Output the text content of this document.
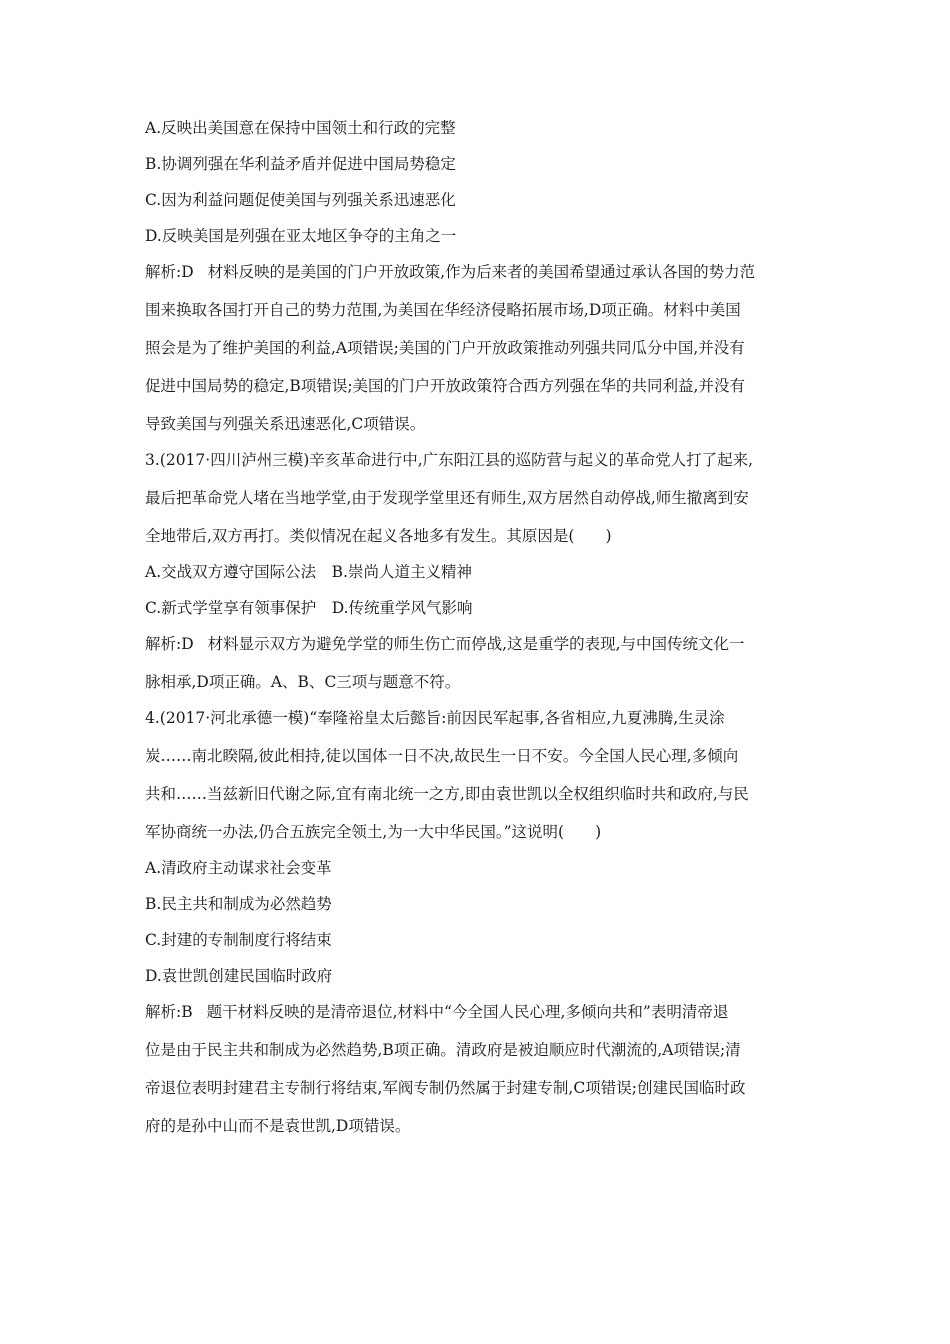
A.反映出美国意在保持中国领土和行政的完整

B.协调列强在华利益矛盾并促进中国局势稳定

C.因为利益问题促使美国与列强关系迅速恶化

D.反映美国是列强在亚太地区争夺的主角之一

解析:D 材料反映的是美国的门户开放政策,作为后来者的美国希望通过承认各国的势力范

围来换取各国打开自己的势力范围,为美国在华经济侵略拓展市场,D项正确。材料中美国

照会是为了维护美国的利益,A项错误;美国的门户开放政策推动列强共同瓜分中国,并没有

促进中国局势的稳定,B项错误;美国的门户开放政策符合西方列强在华的共同利益,并没有

导致美国与列强关系迅速恶化,C项错误。

3.(2017·四川泸州三模)辛亥革命进行中,广东阳江县的巡防营与起义的革命党人打了起来,

最后把革命党人堵在当地学堂,由于发现学堂里还有师生,双方居然自动停战,师生撤离到安

全地带后,双方再打。类似情况在起义各地多有发生。其原因是(　　)

A.交战双方遵守国际公法　B.崇尚人道主义精神

C.新式学堂享有领事保护　D.传统重学风气影响

解析:D 材料显示双方为避免学堂的师生伤亡而停战,这是重学的表现,与中国传统文化一

脉相承,D项正确。A、B、C三项与题意不符。

4.(2017·河北承德一模)“奉隆裕皇太后懿旨:前因民军起事,各省相应,九夏沸腾,生灵涂

炭……南北睽隔,彼此相持,徒以国体一日不决,故民生一日不安。今全国人民心理,多倾向

共和……当兹新旧代谢之际,宜有南北统一之方,即由袁世凯以全权组织临时共和政府,与民

军协商统一办法,仍合五族完全领土,为一大中华民国。”这说明(　　)

A.清政府主动谋求社会变革

B.民主共和制成为必然趋势

C.封建的专制制度行将结束

D.袁世凯创建民国临时政府

解析:B 题干材料反映的是清帝退位,材料中“今全国人民心理,多倾向共和”表明清帝退

位是由于民主共和制成为必然趋势,B项正确。清政府是被迫顺应时代潮流的,A项错误;清

帝退位表明封建君主专制行将结束,军阀专制仍然属于封建专制,C项错误;创建民国临时政

府的是孙中山而不是袁世凯,D项错误。
